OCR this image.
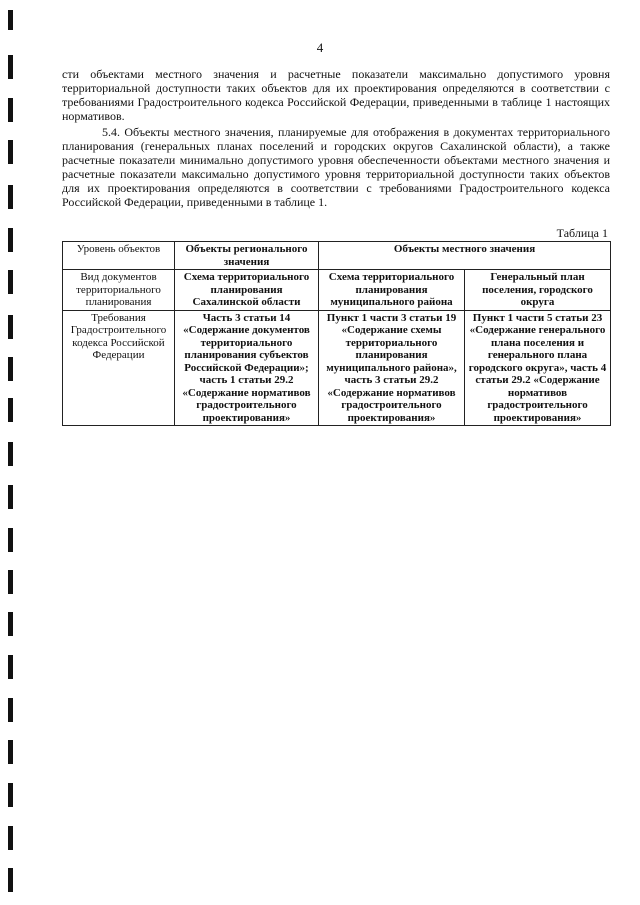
4

сти объектами местного значения и расчетные показатели максимально допустимого уровня территориальной доступности таких объектов для их проектирования определяются в соответствии с требованиями Градостроительного кодекса Российской Федерации, приведенными в таблице 1 настоящих нормативов.

5.4. Объекты местного значения, планируемые для отображения в документах территориального планирования (генеральных планах поселений и городских округов Сахалинской области), а также расчетные показатели минимально допустимого уровня обеспеченности объектами местного значения и расчетные показатели максимально допустимого уровня территориальной доступности таких объектов для их проектирования определяются в соответствии с требованиями Градостроительного кодекса Российской Федерации, приведенными в таблице 1.

Таблица 1
Уровень объектов	Объекты регионального значения	Объекты местного значения	
Вид документов территориального планирования	Схема территориального планирования Сахалинской области	Схема территориального планирования муниципального района	Генеральный план поселения, городского округа
Требования Градостроительного кодекса Российской Федерации	Часть 3 статьи 14 «Содержание документов территориального планирования субъектов Российской Федерации»; часть 1 статьи 29.2 «Содержание нормативов градостроительного проектирования»	Пункт 1 части 3 статьи 19 «Содержание схемы территориального планирования муниципального района», часть 3 статьи 29.2 «Содержание нормативов градостроительного проектирования»	Пункт 1 части 5 статьи 23 «Содержание генерального плана поселения и генерального плана городского округа», часть 4 статьи 29.2 «Содержание нормативов градостроительного проектирования»
